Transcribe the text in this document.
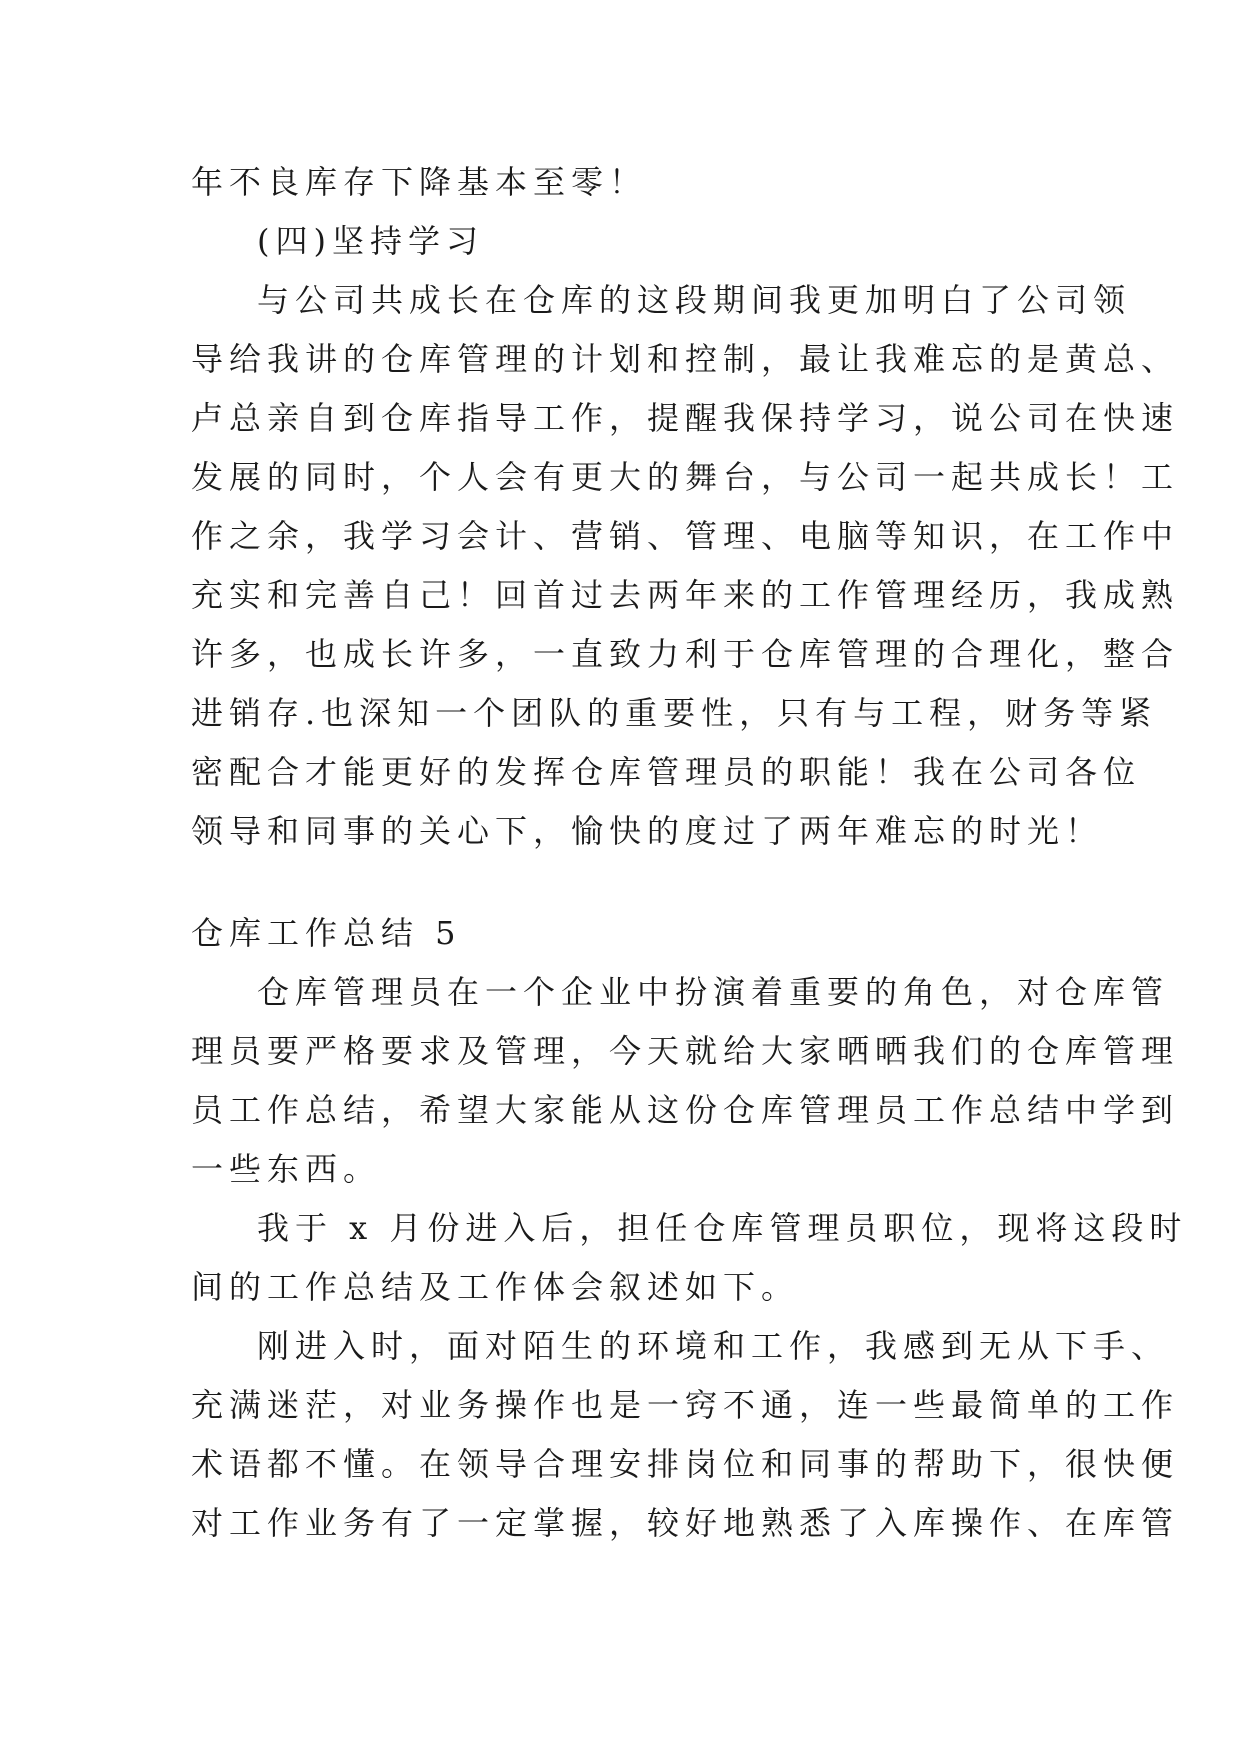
年不良库存下降基本至零！
(四)坚持学习
与公司共成长在仓库的这段期间我更加明白了公司领
导给我讲的仓库管理的计划和控制，最让我难忘的是黄总、
卢总亲自到仓库指导工作，提醒我保持学习，说公司在快速
发展的同时，个人会有更大的舞台，与公司一起共成长！工
作之余，我学习会计、营销、管理、电脑等知识，在工作中
充实和完善自己！回首过去两年来的工作管理经历，我成熟
许多，也成长许多，一直致力利于仓库管理的合理化，整合
进销存.也深知一个团队的重要性，只有与工程，财务等紧
密配合才能更好的发挥仓库管理员的职能！我在公司各位
领导和同事的关心下，愉快的度过了两年难忘的时光！
仓库工作总结 5
仓库管理员在一个企业中扮演着重要的角色，对仓库管
理员要严格要求及管理，今天就给大家晒晒我们的仓库管理
员工作总结，希望大家能从这份仓库管理员工作总结中学到
一些东西。
我于 x 月份进入后，担任仓库管理员职位，现将这段时
间的工作总结及工作体会叙述如下。
刚进入时，面对陌生的环境和工作，我感到无从下手、
充满迷茫，对业务操作也是一窍不通，连一些最简单的工作
术语都不懂。在领导合理安排岗位和同事的帮助下，很快便
对工作业务有了一定掌握，较好地熟悉了入库操作、在库管
